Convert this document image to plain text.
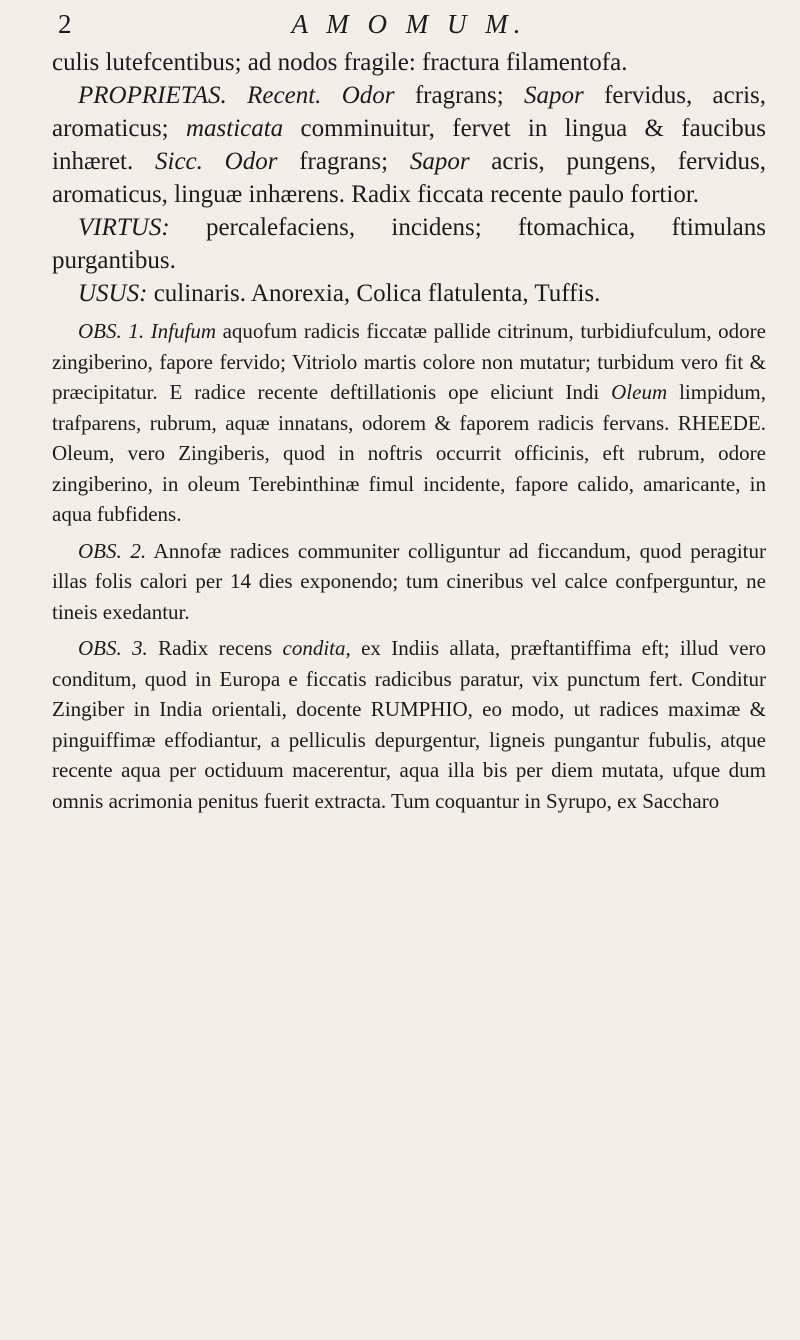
2	A M O M U M.

culis lutefcentibus; ad nodos fragile: fractura filamentofa.

PROPRIETAS. Recent. Odor fragrans; Sapor fervidus, acris, aromaticus; masticata comminuitur, fervet in lingua & faucibus inhæret. Sicc. Odor fragrans; Sapor acris, pungens, fervidus, aromaticus, linguæ inhærens. Radix ficcata recente paulo fortior.

VIRTUS: percalefaciens, incidens; ftomachica, ftimulans purgantibus.

USUS: culinaris. Anorexia, Colica flatulenta, Tuffis.

OBS. 1. Infufum aquofum radicis ficcatæ pallide citrinum, turbidiufculum, odore zingiberino, fapore fervido; Vitriolo martis colore non mutatur; turbidum vero fit & præcipitatur. E radice recente deftillationis ope eliciunt Indi Oleum limpidum, trafparens, rubrum, aquæ innatans, odorem & faporem radicis fervans. RHEEDE. Oleum, vero Zingiberis, quod in noftris occurrit officinis, eft rubrum, odore zingiberino, in oleum Terebinthinæ fimul incidente, fapore calido, amaricante, in aqua fubfidens.

OBS. 2. Annofæ radices communiter colliguntur ad ficcandum, quod peragitur illas folis calori per 14 dies exponendo; tum cineribus vel calce confperguntur, ne tineis exedantur.

OBS. 3. Radix recens condita, ex Indiis allata, præftantiffima eft; illud vero conditum, quod in Europa e ficcatis radicibus paratur, vix punctum fert. Conditur Zingiber in India orientali, docente RUMPHIO, eo modo, ut radices maximæ & pinguiffimæ effodiantur, a pelliculis depurgentur, ligneis pungantur fubulis, atque recente aqua per octiduum macerentur, aqua illa bis per diem mutata, ufque dum omnis acrimonia penitus fuerit extracta. Tum coquantur in Syrupo, ex Saccharo
